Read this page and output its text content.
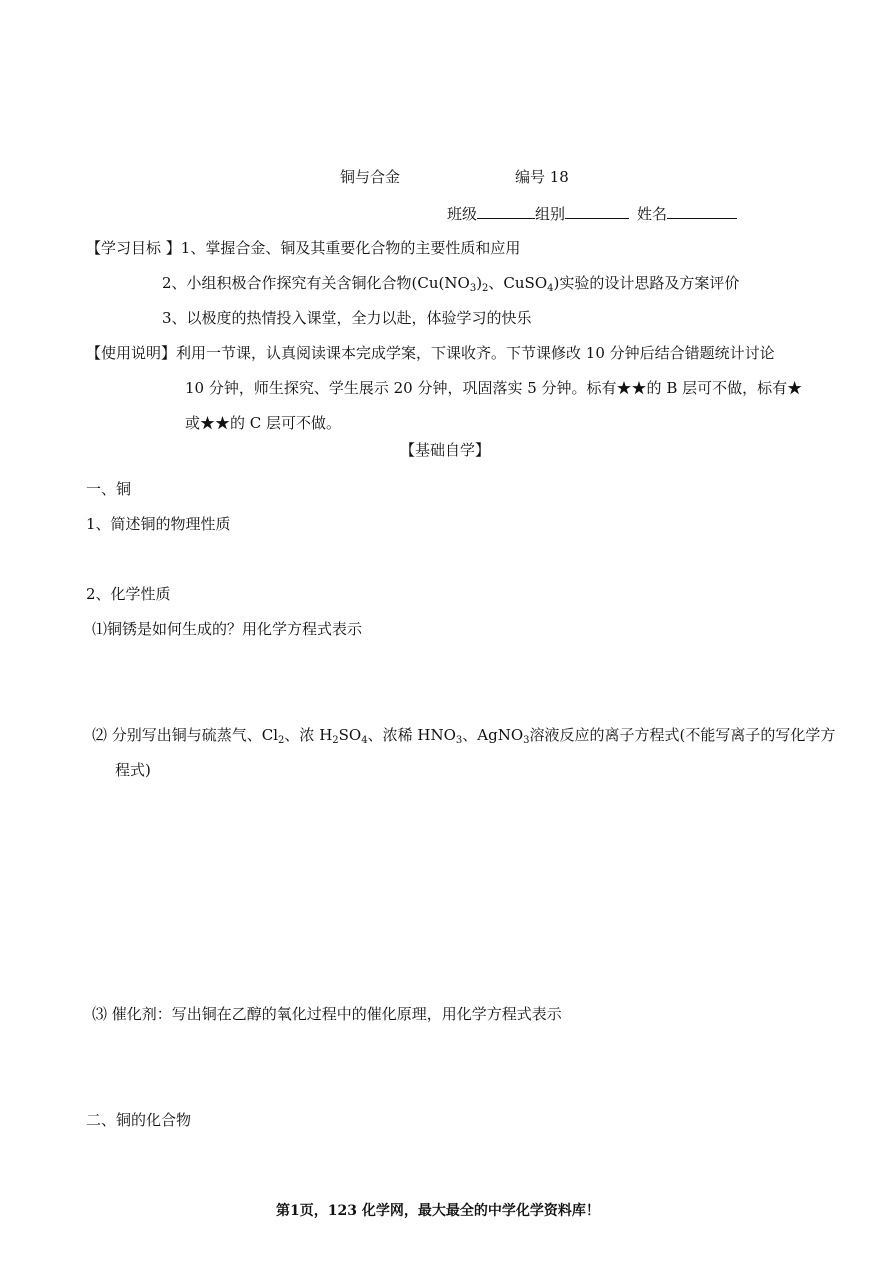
铜与合金	编号 18
班级	组别	姓名
【学习目标 】1、掌握合金、铜及其重要化合物的主要性质和应用
2、小组积极合作探究有关含铜化合物($Cu(NO_3)_2$、CuSO$_4$)实验的设计思路及方案评价
3、以极度的热情投入课堂，全力以赴，体验学习的快乐
【使用说明】利用一节课，认真阅读课本完成学案，下课收齐。下节课修改 10 分钟后结合错题统计讨论
10 分钟，师生探究、学生展示 20 分钟，巩固落实 5 分钟。标有★★的 B 层可不做，标有★
或★★的 C 层可不做。
【基础自学】
一、铜
1、简述铜的物理性质
2、化学性质
⑴铜锈是如何生成的？用化学方程式表示
⑵ 分别写出铜与硫蒸气、$Cl_2$、浓 $H_2SO_4$、浓稀 $HNO_3$、AgNO$_3$溶液反应的离子方程式(不能写离子的写化学方
程式)
⑶ 催化剂：写出铜在乙醇的氧化过程中的催化原理，用化学方程式表示
二、铜的化合物
第1页，123 化学网，最大最全的中学化学资料库！
